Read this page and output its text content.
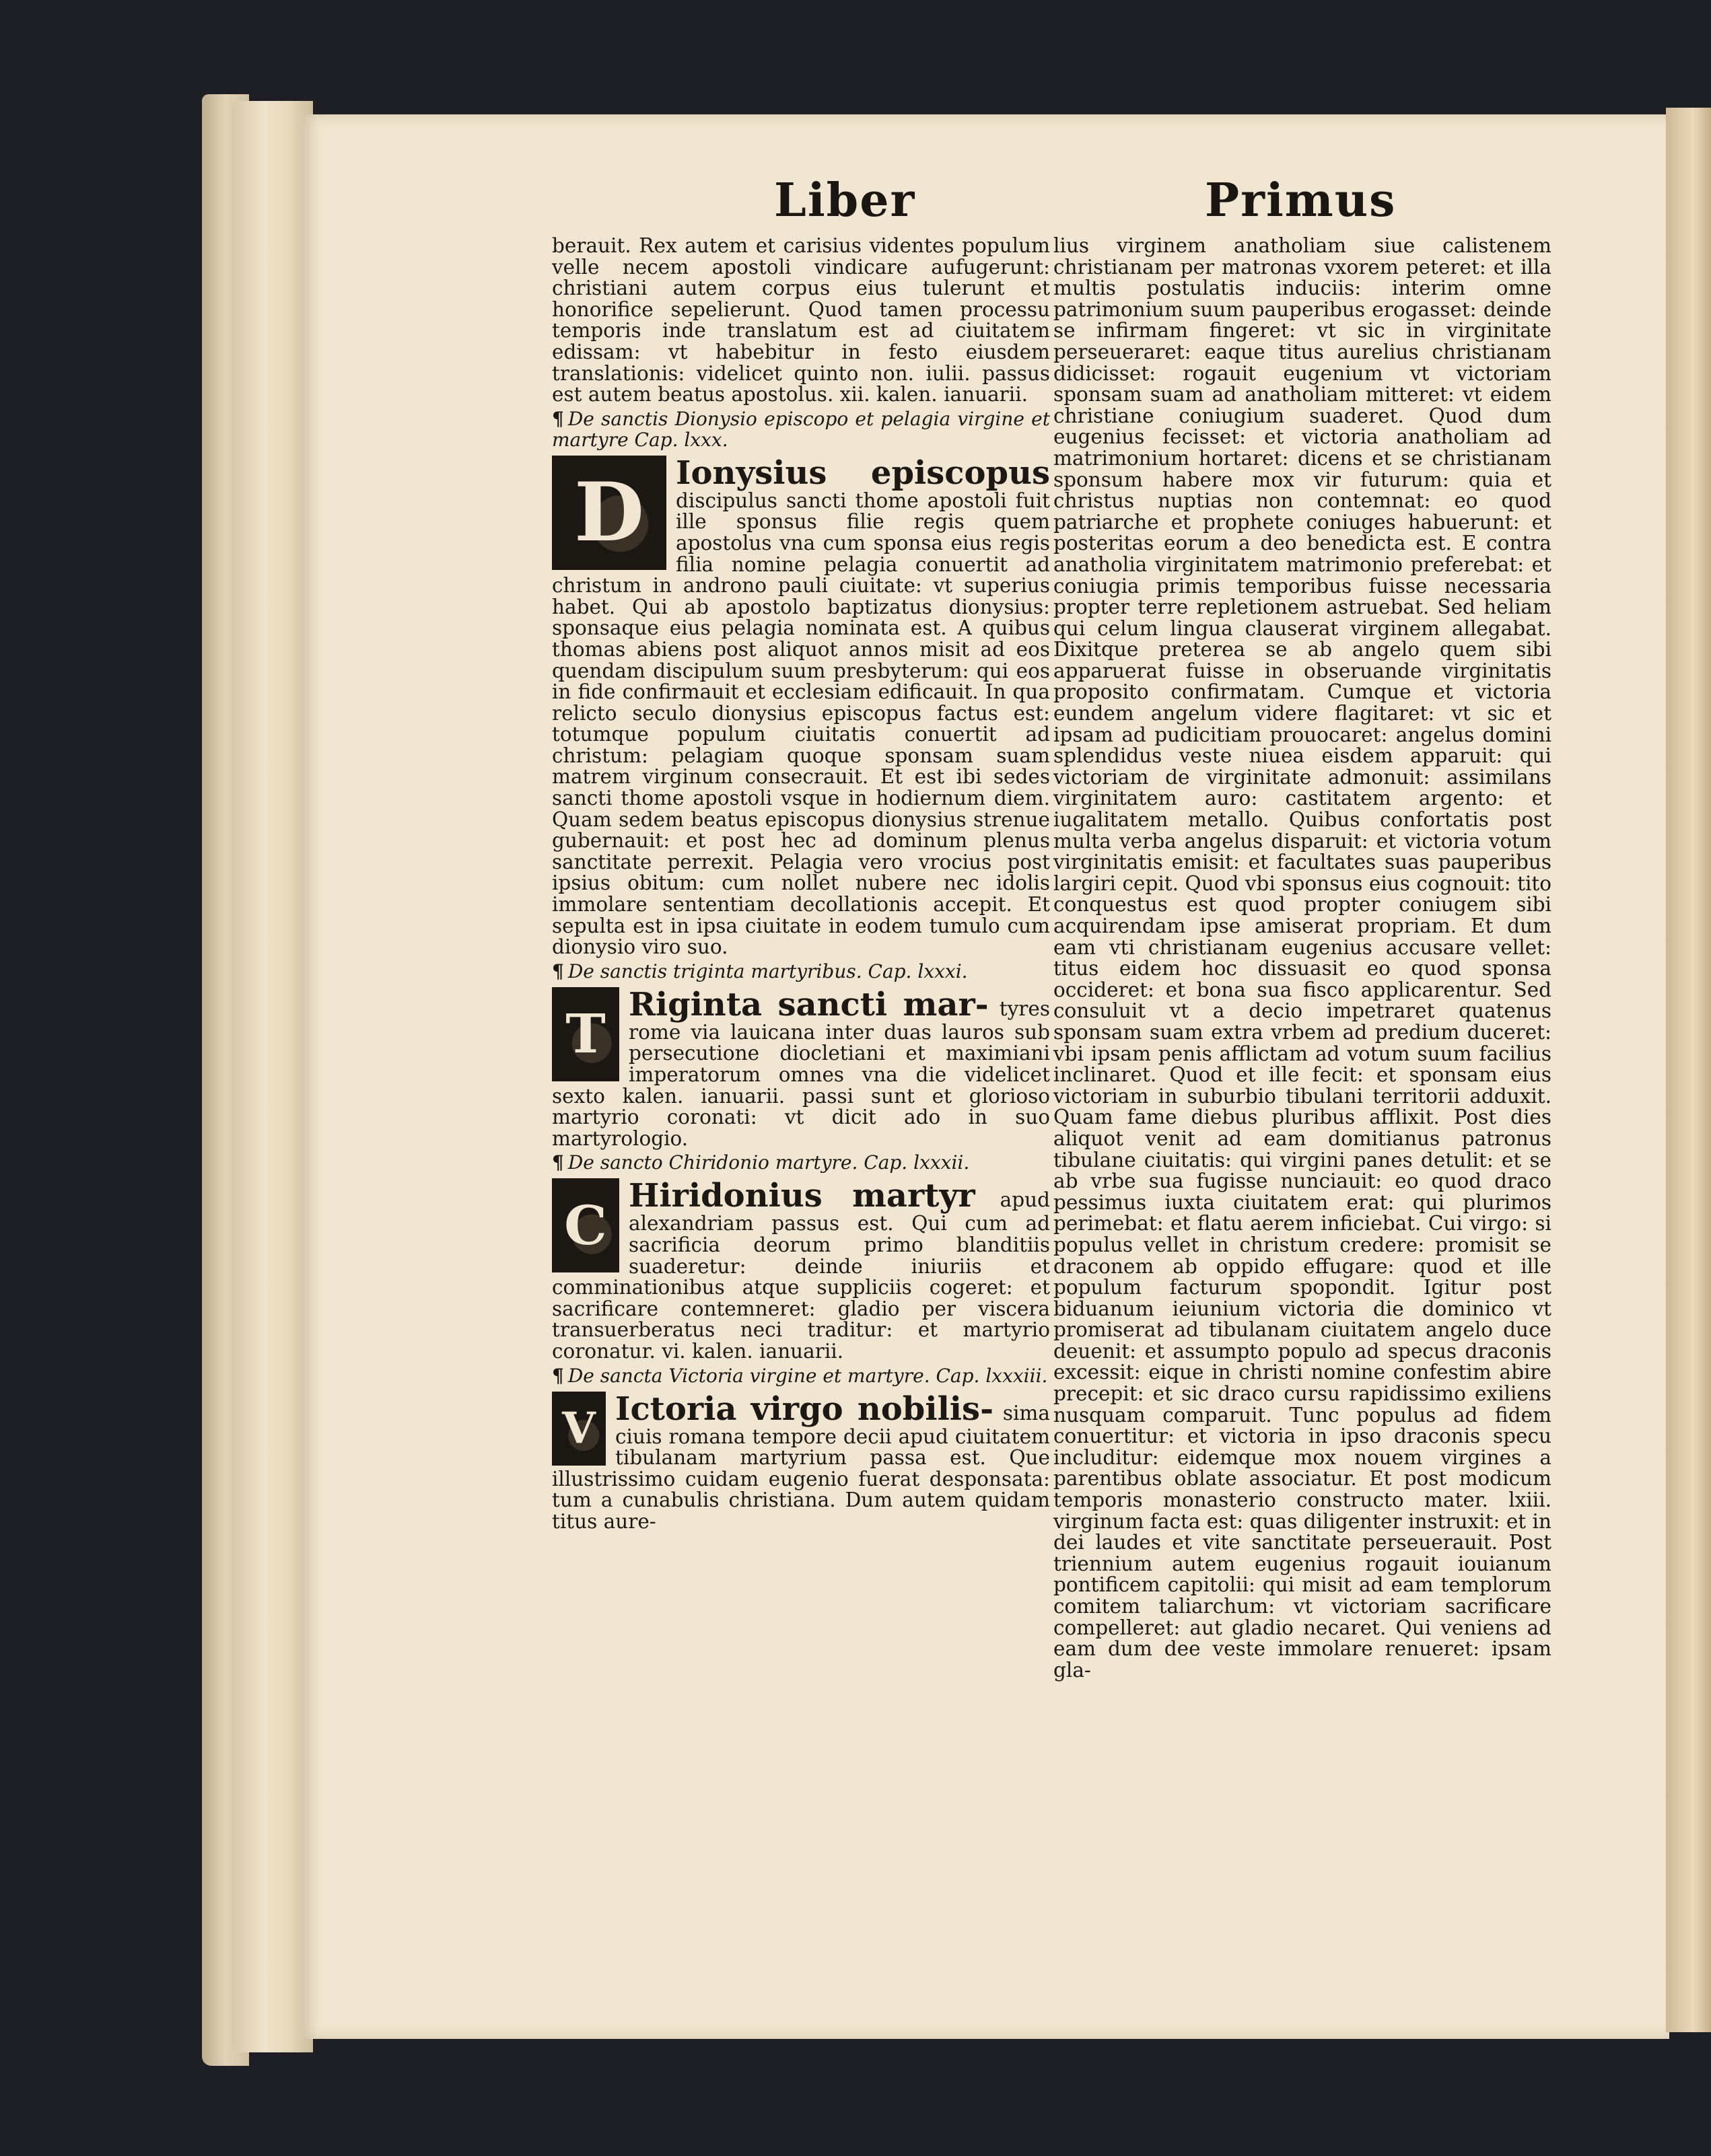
Liber	Primus

berauit. Rex autem et carisius videntes populum velle necem apostoli vindicare aufugerunt: christiani autem corpus eius tulerunt et honorifice sepelierunt. Quod tamen processu temporis inde translatum est ad ciuitatem edissam: vt habebitur in festo eiusdem translationis: videlicet quinto non. iulii. passus est autem beatus apostolus. xii. kalen. ianuarii.

¶ De sanctis Dionysio episcopo et pelagia virgine et martyre Cap. lxxx.
D Ionysius episcopus discipulus sancti thome apostoli fuit ille sponsus filie regis quem apostolus vna cum sponsa eius regis filia nomine pelagia conuertit ad christum in androno pauli ciuitate: vt superius habet. Qui ab apostolo baptizatus dionysius: sponsaque eius pelagia nominata est. A quibus thomas abiens post aliquot annos misit ad eos quendam discipulum suum presbyterum: qui eos in fide confirmauit et ecclesiam edificauit. In qua relicto seculo dionysius episcopus factus est: totumque populum ciuitatis conuertit ad christum: pelagiam quoque sponsam suam matrem virginum consecrauit. Et est ibi sedes sancti thome apostoli vsque in hodiernum diem. Quam sedem beatus episcopus dionysius strenue gubernauit: et post hec ad dominum plenus sanctitate perrexit. Pelagia vero vrocius post ipsius obitum: cum nollet nubere nec idolis immolare sententiam decollationis accepit. Et sepulta est in ipsa ciuitate in eodem tumulo cum dionysio viro suo.
¶ De sanctis triginta martyribus. Cap. lxxxi.
T Riginta sancti mar- tyres rome via lauicana inter duas lauros sub persecutione diocletiani et maximiani imperatorum omnes vna die videlicet sexto kalen. ianuarii. passi sunt et glorioso martyrio coronati: vt dicit ado in suo martyrologio.
¶ De sancto Chiridonio martyre. Cap. lxxxii.
C Hiridonius martyr apud alexandriam passus est. Qui cum ad sacrificia deorum primo blanditiis suaderetur: deinde iniuriis et comminationibus atque suppliciis cogeret: et sacrificare contemneret: gladio per viscera transuerberatus neci traditur: et martyrio coronatur. vi. kalen. ianuarii.
¶ De sancta Victoria virgine et martyre. Cap. lxxxiii.
V Ictoria virgo nobilis- sima ciuis romana tempore decii apud ciuitatem tibulanam martyrium passa est. Que illustrissimo cuidam eugenio fuerat desponsata: tum a cunabulis christiana. Dum autem quidam titus aure-

lius virginem anatholiam siue calistenem christianam per matronas vxorem peteret: et illa multis postulatis induciis: interim omne patrimonium suum pauperibus erogasset: deinde se infirmam fingeret: vt sic in virginitate perseueraret: eaque titus aurelius christianam didicisset: rogauit eugenium vt victoriam sponsam suam ad anatholiam mitteret: vt eidem christiane coniugium suaderet. Quod dum eugenius fecisset: et victoria anatholiam ad matrimonium hortaret: dicens et se christianam sponsum habere mox vir futurum: quia et christus nuptias non contemnat: eo quod patriarche et prophete coniuges habuerunt: et posteritas eorum a deo benedicta est. E contra anatholia virginitatem matrimonio preferebat: et coniugia primis temporibus fuisse necessaria propter terre repletionem astruebat. Sed heliam qui celum lingua clauserat virginem allegabat. Dixitque preterea se ab angelo quem sibi apparuerat fuisse in obseruande virginitatis proposito confirmatam. Cumque et victoria eundem angelum videre flagitaret: vt sic et ipsam ad pudicitiam prouocaret: angelus domini splendidus veste niuea eisdem apparuit: qui victoriam de virginitate admonuit: assimilans virginitatem auro: castitatem argento: et iugalitatem metallo. Quibus confortatis post multa verba angelus disparuit: et victoria votum virginitatis emisit: et facultates suas pauperibus largiri cepit. Quod vbi sponsus eius cognouit: tito conquestus est quod propter coniugem sibi acquirendam ipse amiserat propriam. Et dum eam vti christianam eugenius accusare vellet: titus eidem hoc dissuasit eo quod sponsa occideret: et bona sua fisco applicarentur. Sed consuluit vt a decio impetraret quatenus sponsam suam extra vrbem ad predium duceret: vbi ipsam penis afflictam ad votum suum facilius inclinaret. Quod et ille fecit: et sponsam eius victoriam in suburbio tibulani territorii adduxit. Quam fame diebus pluribus afflixit. Post dies aliquot venit ad eam domitianus patronus tibulane ciuitatis: qui virgini panes detulit: et se ab vrbe sua fugisse nunciauit: eo quod draco pessimus iuxta ciuitatem erat: qui plurimos perimebat: et flatu aerem inficiebat. Cui virgo: si populus vellet in christum credere: promisit se draconem ab oppido effugare: quod et ille populum facturum spopondit. Igitur post biduanum ieiunium victoria die dominico vt promiserat ad tibulanam ciuitatem angelo duce deuenit: et assumpto populo ad specus draconis excessit: eique in christi nomine confestim abire precepit: et sic draco cursu rapidissimo exiliens nusquam comparuit. Tunc populus ad fidem conuertitur: et victoria in ipso draconis specu includitur: eidemque mox nouem virgines a parentibus oblate associatur. Et post modicum temporis monasterio constructo mater. lxiii. virginum facta est: quas diligenter instruxit: et in dei laudes et vite sanctitate perseuerauit. Post triennium autem eugenius rogauit iouianum pontificem capitolii: qui misit ad eam templorum comitem taliarchum: vt victoriam sacrificare compelleret: aut gladio necaret. Qui veniens ad eam dum dee veste immolare renueret: ipsam gla-
